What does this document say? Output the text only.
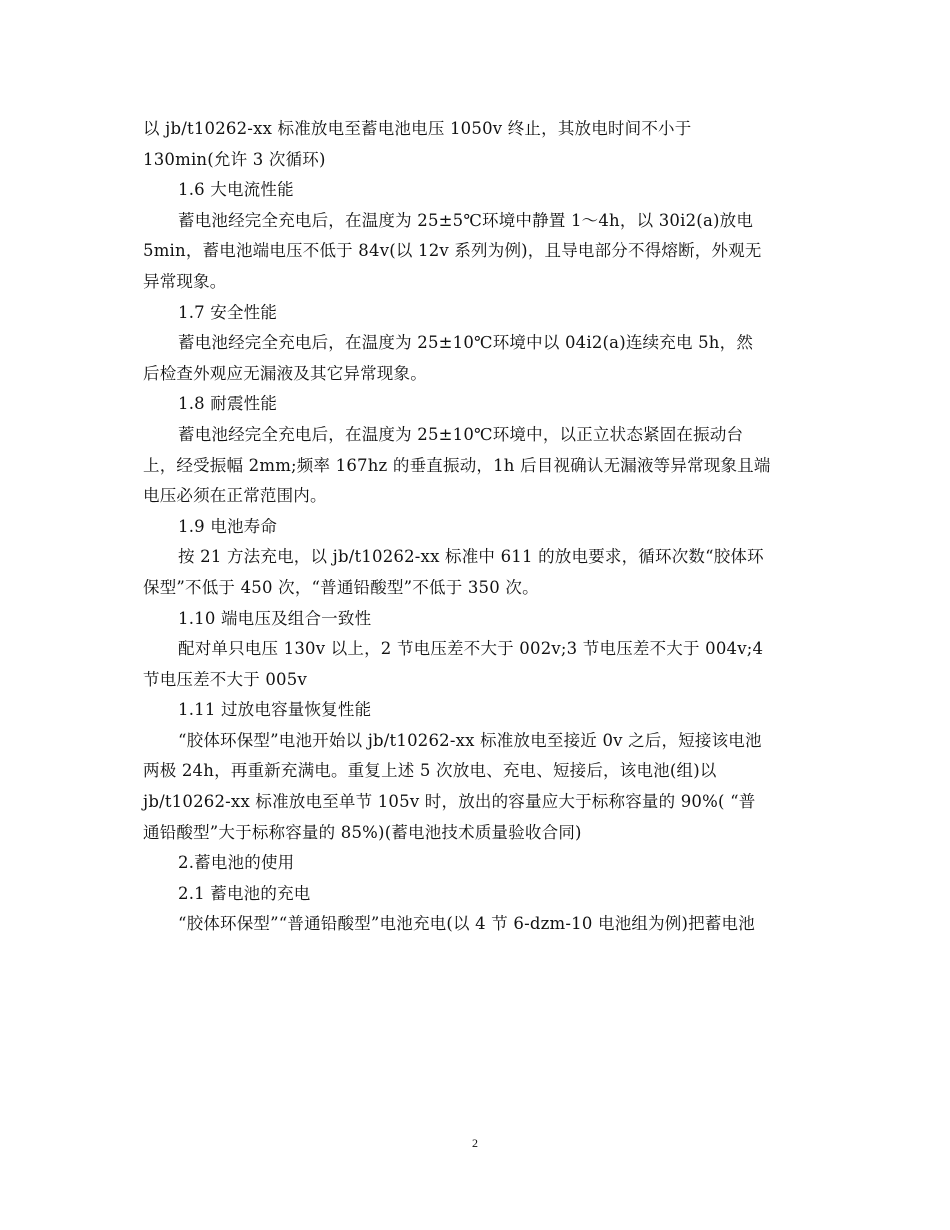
以 jb/t10262-xx 标准放电至蓄电池电压 1050v 终止，其放电时间不小于
130min(允许 3 次循环)
1.6 大电流性能
蓄电池经完全充电后，在温度为 25±5℃环境中静置 1～4h，以 30i2(a)放电
5min，蓄电池端电压不低于 84v(以 12v 系列为例)，且导电部分不得熔断，外观无
异常现象。
1.7 安全性能
蓄电池经完全充电后，在温度为 25±10℃环境中以 04i2(a)连续充电 5h，然
后检查外观应无漏液及其它异常现象。
1.8 耐震性能
蓄电池经完全充电后，在温度为 25±10℃环境中，以正立状态紧固在振动台
上，经受振幅 2mm;频率 167hz 的垂直振动，1h 后目视确认无漏液等异常现象且端
电压必须在正常范围内。
1.9 电池寿命
按 21 方法充电，以 jb/t10262-xx 标准中 611 的放电要求，循环次数“胶体环
保型”不低于 450 次，“普通铅酸型”不低于 350 次。
1.10 端电压及组合一致性
配对单只电压 130v 以上，2 节电压差不大于 002v;3 节电压差不大于 004v;4
节电压差不大于 005v
1.11 过放电容量恢复性能
“胶体环保型”电池开始以 jb/t10262-xx 标准放电至接近 0v 之后，短接该电池
两极 24h，再重新充满电。重复上述 5 次放电、充电、短接后，该电池(组)以
jb/t10262-xx 标准放电至单节 105v 时，放出的容量应大于标称容量的 90%( “普
通铅酸型”大于标称容量的 85%)(蓄电池技术质量验收合同)
2.蓄电池的使用
2.1 蓄电池的充电
“胶体环保型”“普通铅酸型”电池充电(以 4 节 6-dzm-10 电池组为例)把蓄电池
2
